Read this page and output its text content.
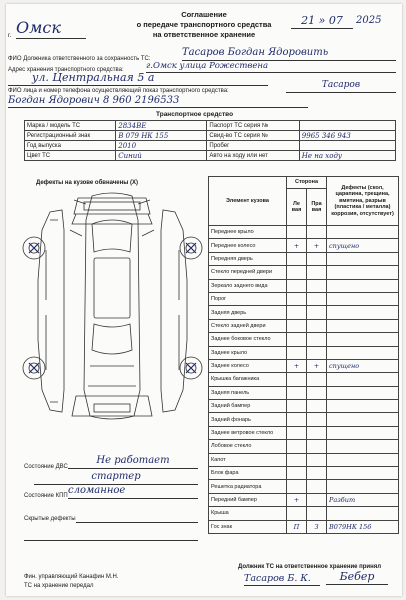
Соглашение
о передаче транспортного средства
на ответственное хранение
г. Омск	21 » 07	2025
ФИО Должника ответственного за сохранность ТС:
Тасаров Богдан Ядоровить
Адрес хранения транспортного средства:	г.Омск улица Рожествена
ул. Центральная 5 а
ФИО лица и номер телефона осуществляющий показ транспортного средства:
Тасаров
Богдан Ядорович 8 960 2196533
Транспортное средство
Марка / модель ТС	2834BE	Паспорт ТС серия №	
Регистрационный знак	В 079 НК 155	Свид-во ТС серия №	9965 346 943
Год выпуска	2010	Пробег	
Цвет ТС	Синий	Авто на ходу или нет	Не на ходу
Дефекты на кузове обвначены (X)
Элемент кузова	Сторона		Дефекты (скол, царапина, трещина, вмятина, разрыв (пластика / металла) коррозия, отсутствует)
	Ле вая	Пра вая	
Переднее крыло			
Переднее колесо	+	+	спущено
Передняя дверь			
Стекло передней двери			
Зеркало заднего вида			
Порог			
Задняя дверь			
Стекло задней двери			
Заднее боковое стекло			
Заднее крыло			
Заднее колесо	+	+	спущено
Крышка багажника			
Задняя панель			
Задний бампер			
Задний фонарь			
Заднее ветровое стекло			
Лобовое стекло			
Капот			
Блок фара			
Решетка радиатора			
Передний бампер	+		Разбит
Крыша			
Гос знак	П	З	В079НК 156
Состояние ДВС
Не работает
стартер
Состояние КПП сломанное
Скрытые дефекты
Должник ТС на ответственное хранение принял
Фин. управляющий Канафин М.Н.
ТС на хранение передал
Тасаров Б. К.	Бебер
